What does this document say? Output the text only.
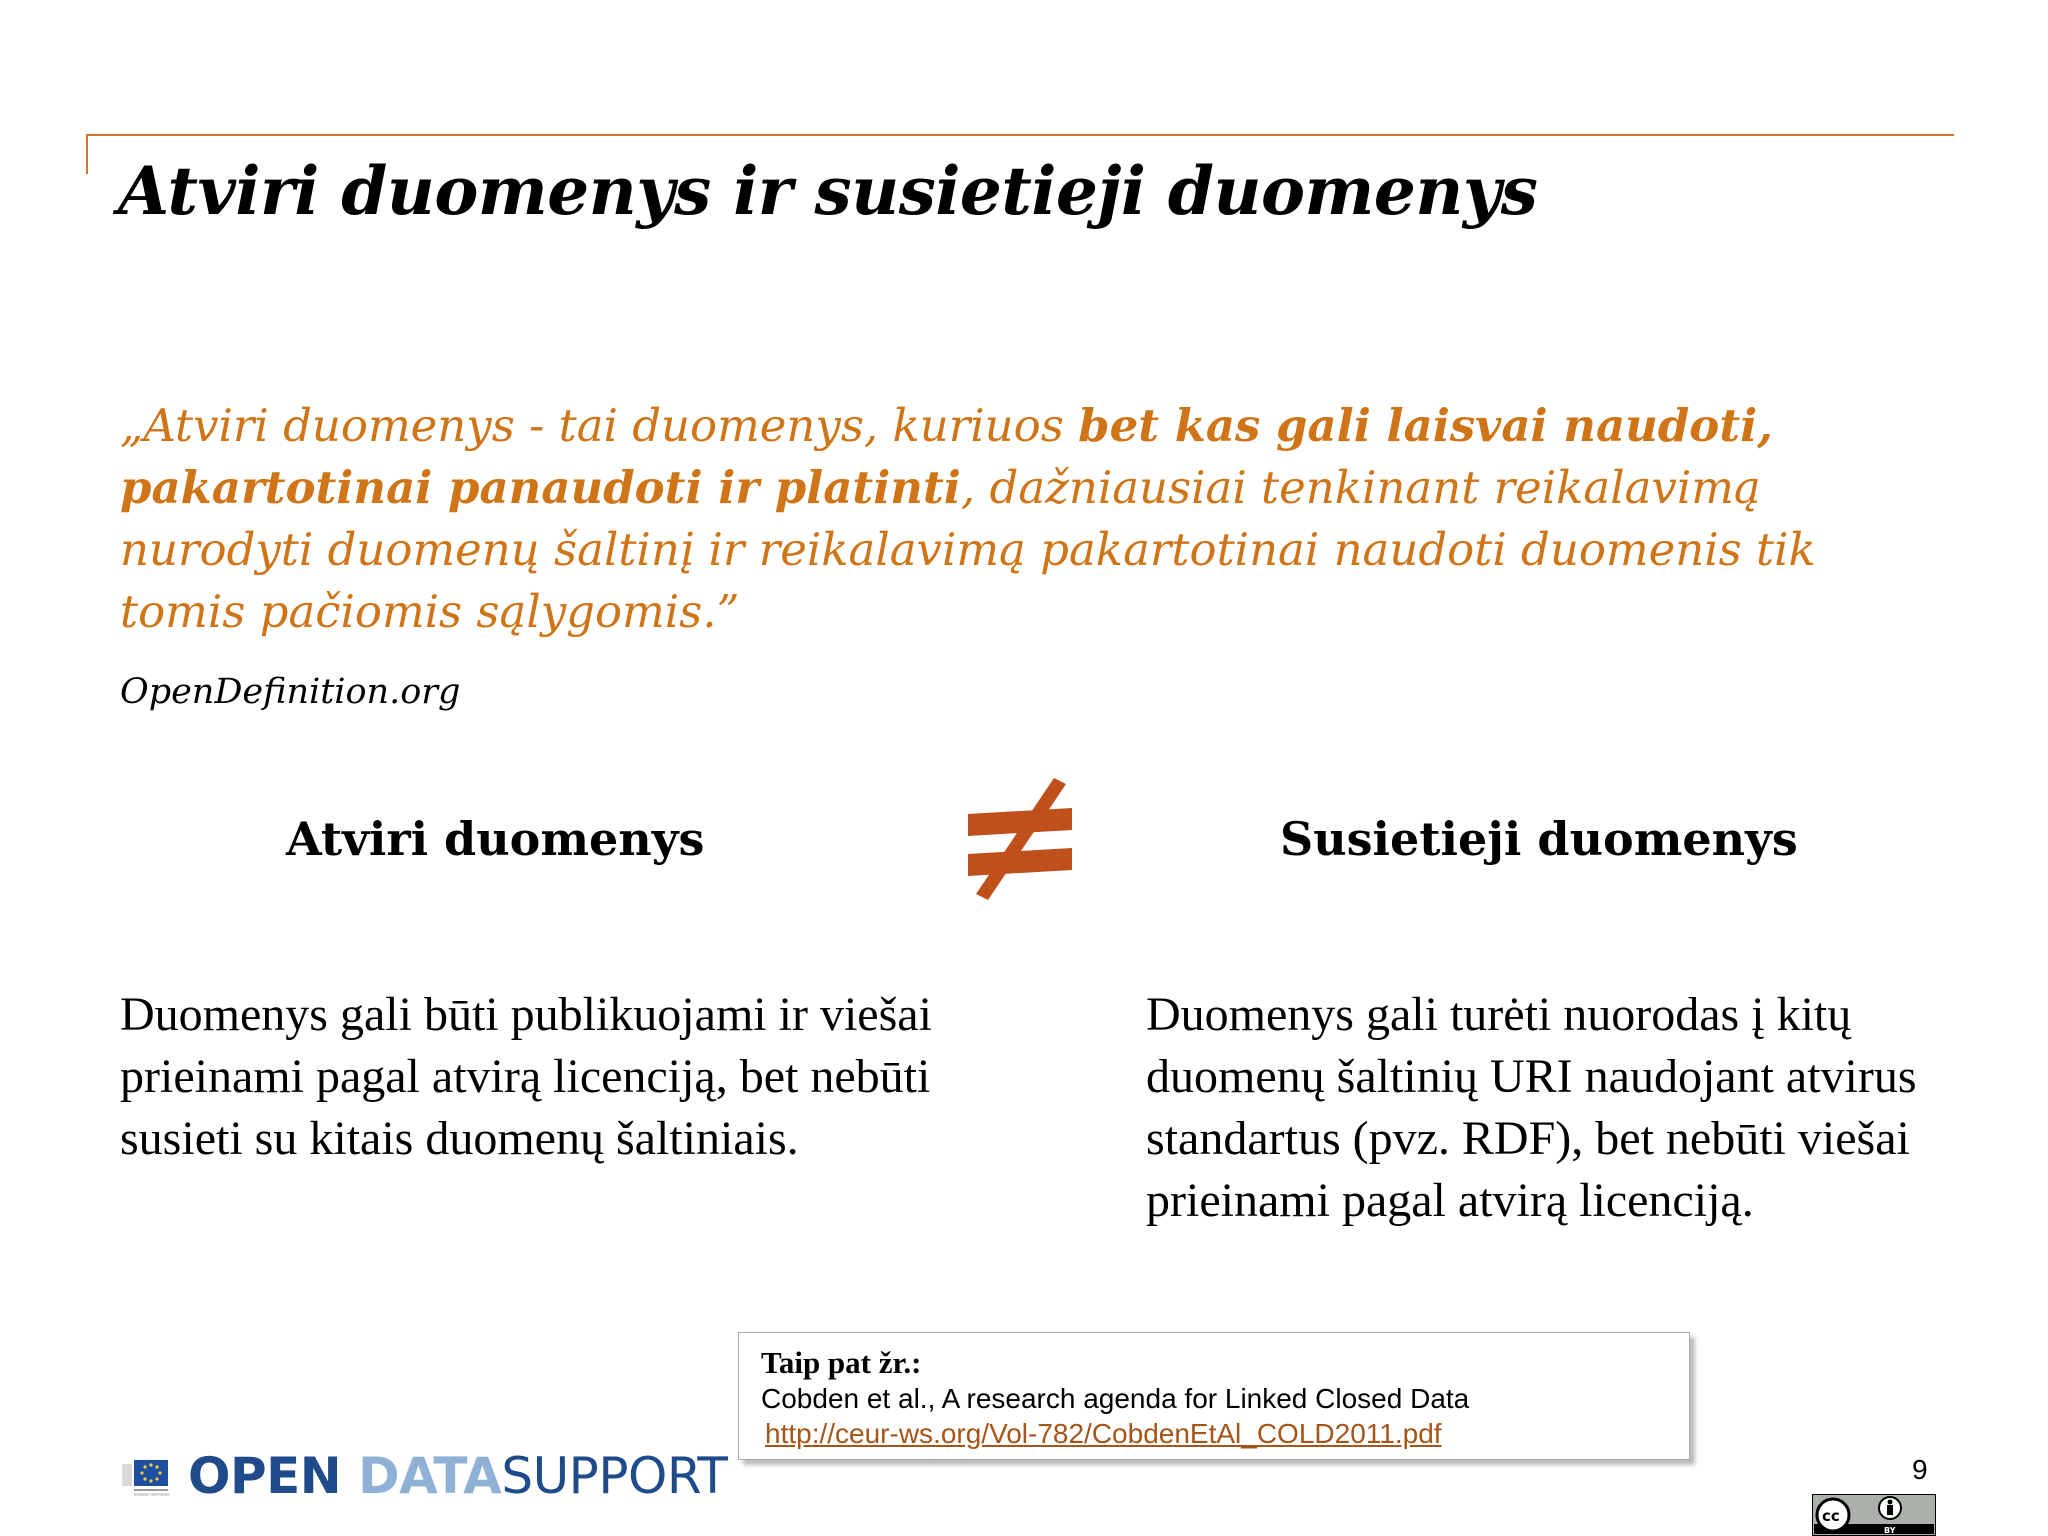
Atviri duomenys ir susietieji duomenys
„Atviri duomenys - tai duomenys, kuriuos bet kas gali laisvai naudoti, pakartotinai panaudoti ir platinti, dažniausiai tenkinant reikalavimą nurodyti duomenų šaltinį ir reikalavimą pakartotinai naudoti duomenis tik tomis pačiomis sąlygomis.”
OpenDefinition.org
Atviri duomenys	Susietieji duomenys
Duomenys gali būti publikuojami ir viešai prieinami pagal atvirą licenciją, bet nebūti susieti su kitais duomenų šaltiniais.
Duomenys gali turėti nuorodas į kitų duomenų šaltinių URI naudojant atvirus standartus (pvz. RDF), bet nebūti viešai prieinami pagal atvirą licenciją.
Taip pat žr.:
Cobden et al., A research agenda for Linked Closed Data
http://ceur-ws.org/Vol-782/CobdenEtAl_COLD2011.pdf
European Commission OPEN DATASUPPORT	9
cc
BY
